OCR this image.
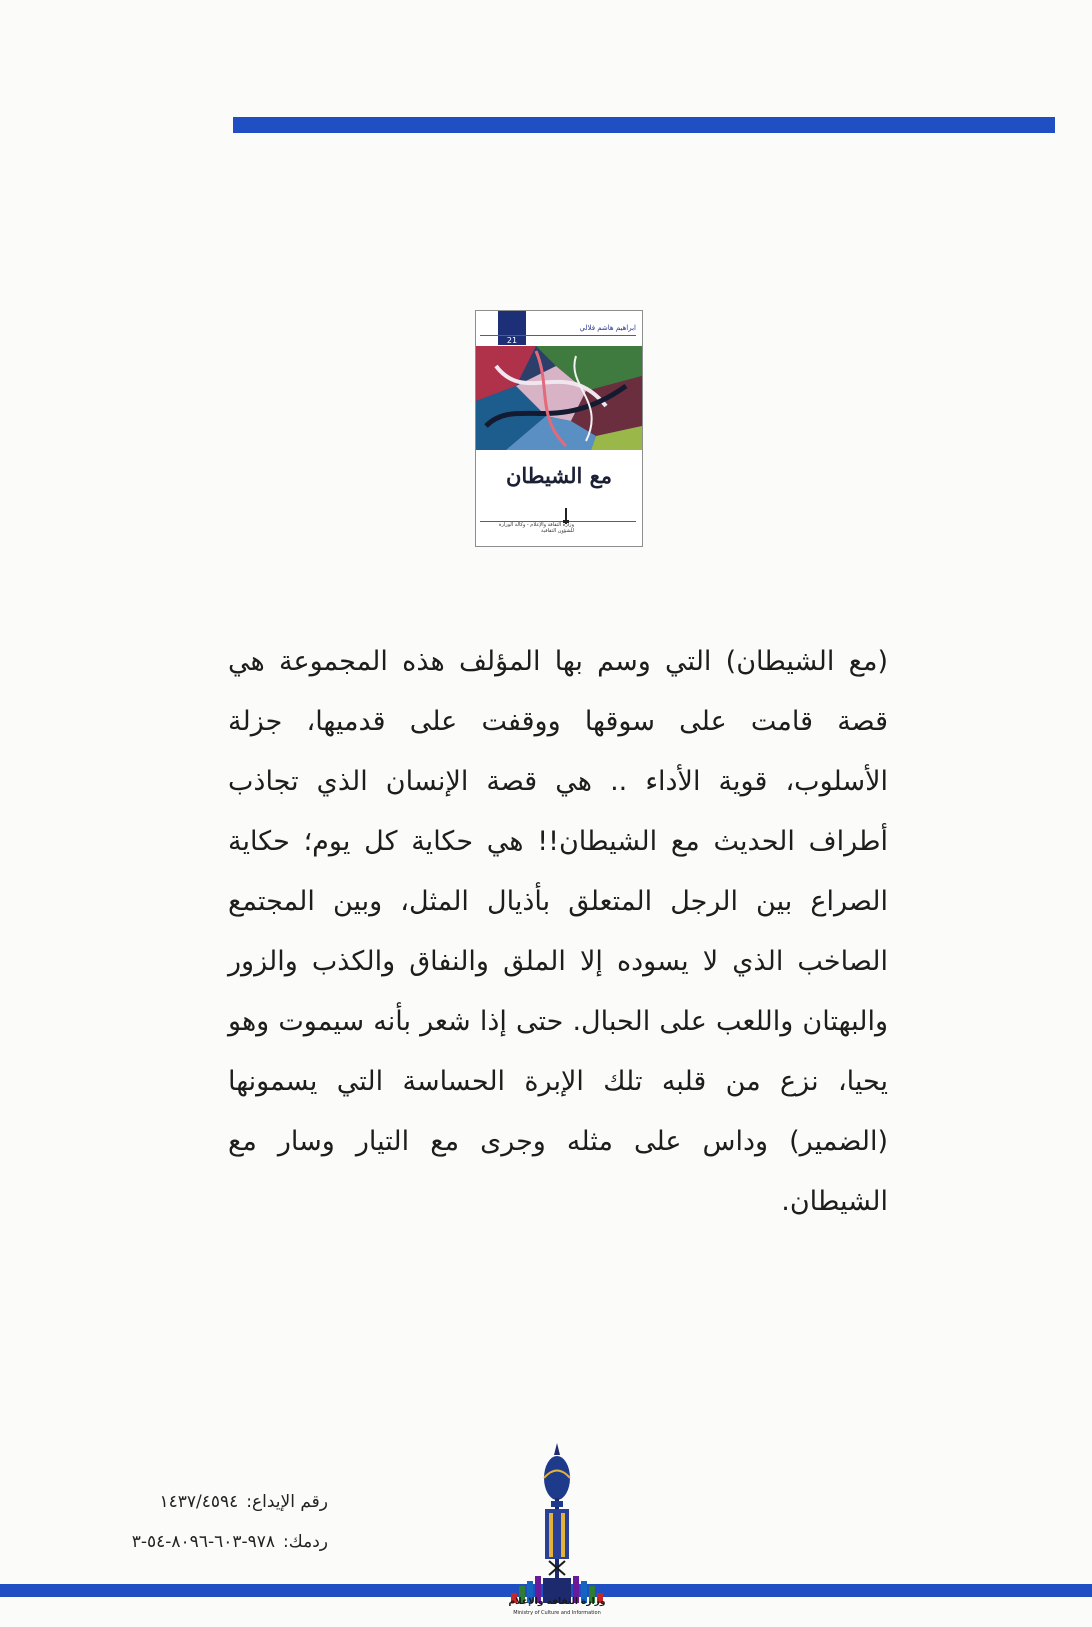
21
ابراهيم هاشم فلالي
مع الشيطان
وزارة الثقافة والإعلام - وكالة الوزارة للشؤون الثقافية

(مع الشيطان) التي وسم بها المؤلف هذه المجموعة هي قصة قامت على سوقها ووقفت على قدميها، جزلة الأسلوب، قوية الأداء .. هي قصة الإنسان الذي تجاذب أطراف الحديث مع الشيطان!! هي حكاية كل يوم؛ حكاية الصراع بين الرجل المتعلق بأذيال المثل، وبين المجتمع الصاخب الذي لا يسوده إلا الملق والنفاق والكذب والزور والبهتان واللعب على الحبال. حتى إذا شعر بأنه سيموت وهو يحيا، نزع من قلبه تلك الإبرة الحساسة التي يسمونها (الضمير) وداس على مثله وجرى مع التيار وسار مع الشيطان.

رقم الإيداع:١٤٣٧/٤٥٩٤
ردمك:٩٧٨-٦٠٣-٨٠٩٦-٥٤-٣
وزارة الثقافة والإعلام
Ministry of Culture and Information
